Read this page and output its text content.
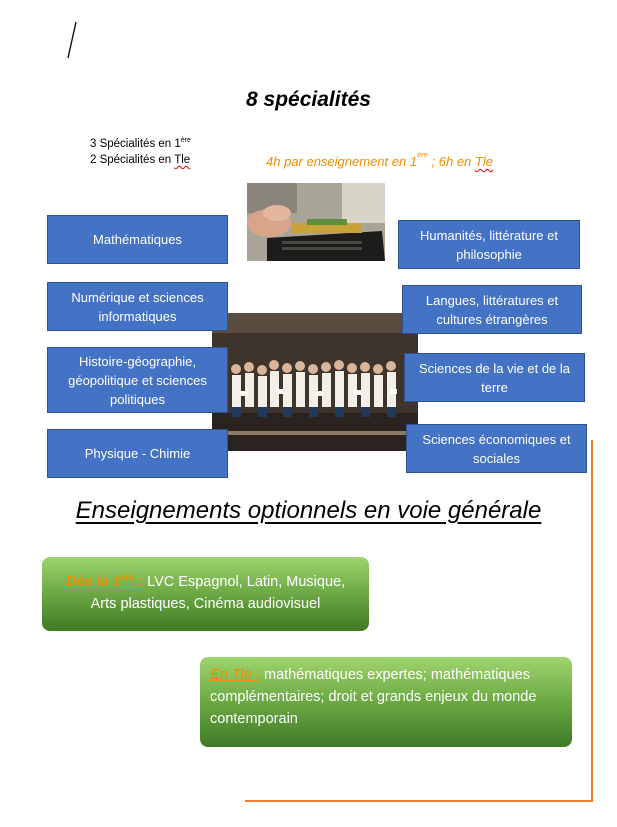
8 spécialités
3 Spécialités en 1ère
2 Spécialités en Tle	4h par enseignement en 1ère ; 6h en Tle
Mathématiques
Numérique et sciences informatiques
Histoire-géographie, géopolitique et sciences politiques
Physique - Chimie
Humanités, littérature et philosophie
Langues, littératures et cultures étrangères
Sciences de la vie et de la terre
Sciences économiques et sociales
Enseignements optionnels en voie générale
Dès la 1ère : LVC Espagnol, Latin, Musique, Arts plastiques, Cinéma audiovisuel
En Tle : mathématiques expertes; mathématiques complémentaires; droit et grands enjeux du monde contemporain
